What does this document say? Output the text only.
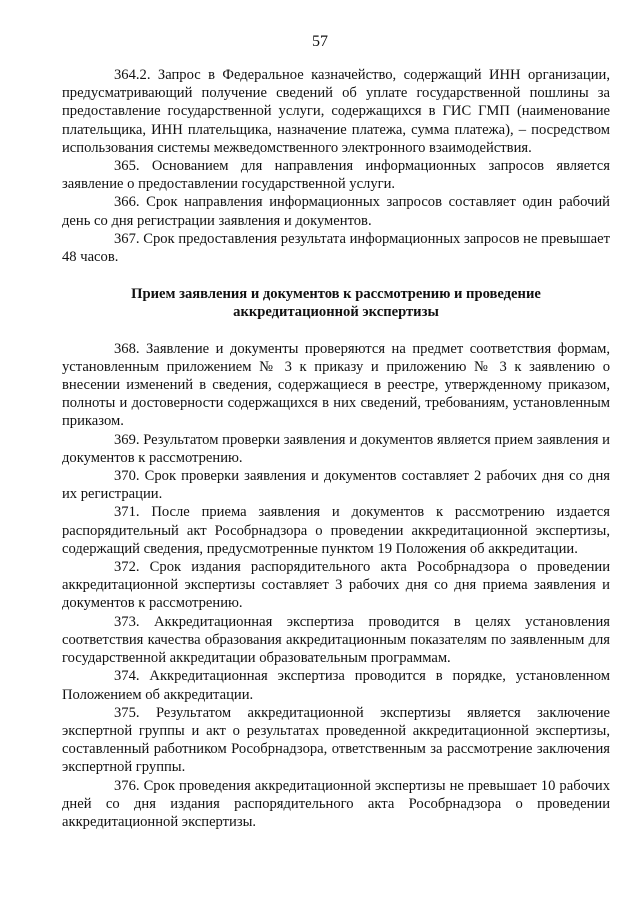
57

364.2. Запрос в Федеральное казначейство, содержащий ИНН организации, предусматривающий получение сведений об уплате государственной пошлины за предоставление государственной услуги, содержащихся в ГИС ГМП (наименование плательщика, ИНН плательщика, назначение платежа, сумма платежа), – посредством использования системы межведомственного электронного взаимодействия.

365. Основанием для направления информационных запросов является заявление о предоставлении государственной услуги.

366. Срок направления информационных запросов составляет один рабочий день со дня регистрации заявления и документов.

367. Срок предоставления результата информационных запросов не превышает 48 часов.

Прием заявления и документов к рассмотрению и проведение аккредитационной экспертизы

368. Заявление и документы проверяются на предмет соответствия формам, установленным приложением № 3 к приказу и приложению № 3 к заявлению о внесении изменений в сведения, содержащиеся в реестре, утвержденному приказом, полноты и достоверности содержащихся в них сведений, требованиям, установленным приказом.

369. Результатом проверки заявления и документов является прием заявления и документов к рассмотрению.

370. Срок проверки заявления и документов составляет 2 рабочих дня со дня их регистрации.

371. После приема заявления и документов к рассмотрению издается распорядительный акт Рособрнадзора о проведении аккредитационной экспертизы, содержащий сведения, предусмотренные пунктом 19 Положения об аккредитации.

372. Срок издания распорядительного акта Рособрнадзора о проведении аккредитационной экспертизы составляет 3 рабочих дня со дня приема заявления и документов к рассмотрению.

373. Аккредитационная экспертиза проводится в целях установления соответствия качества образования аккредитационным показателям по заявленным для государственной аккредитации образовательным программам.

374. Аккредитационная экспертиза проводится в порядке, установленном Положением об аккредитации.

375. Результатом аккредитационной экспертизы является заключение экспертной группы и акт о результатах проведенной аккредитационной экспертизы, составленный работником Рособрнадзора, ответственным за рассмотрение заключения экспертной группы.

376. Срок проведения аккредитационной экспертизы не превышает 10 рабочих дней со дня издания распорядительного акта Рособрнадзора о проведении аккредитационной экспертизы.
